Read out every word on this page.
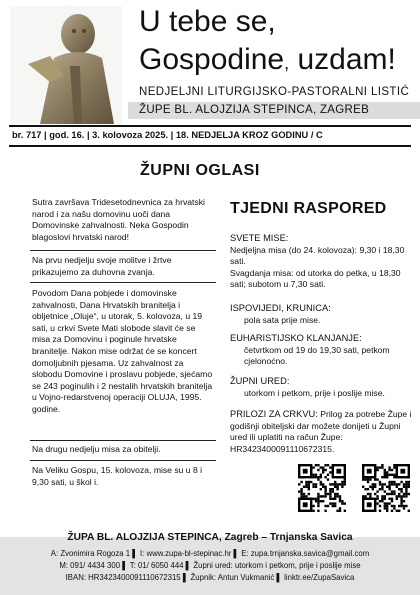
U tebe se,
Gospodine, uzdam!
NEDJELJNI LITURGIJSKO-PASTORALNI LISTIĆ
ŽUPE BL. ALOJZIJA STEPINCA, ZAGREB
br. 717 | god. 16. | 3. kolovoza 2025. | 18. NEDJELJA KROZ GODINU / C
ŽUPNI OGLASI
Sutra završava Tridesetodnevnica za hrvatski narod i za našu domovinu uoči dana Domovinske zahvalnosti. Neka Gospodin blagoslovi hrvatski narod!
Na prvu nedjelju svoje molitve i žrtve prikazujemo za duhovna zvanja.
Povodom Dana pobjede i domovinske zahvalnosti, Dana Hrvatskih branitelja i obljetnice „Oluje“, u utorak, 5. kolovoza, u 19 sati, u crkvi Svete Mati slobode slavit će se misa za Domovinu i poginule hrvatske branitelje. Nakon mise održat će se koncert domoljubnih pjesama. Uz zahvalnost za slobodu Domovine i proslavu pobjede, sjećamo se 243 poginulih i 2 nestalih hrvatskih branitelja u Vojno-redarstvenoj operaciji OLUJA, 1995. godine.
Na drugu nedjelju misa za obitelji.
Na Veliku Gospu, 15. kolovoza, mise su u 8 i 9,30 sati, u škol i.
TJEDNI RASPORED
SVETE MISE:
Nedjeljna misa (do 24. kolovoza): 9,30 i 18,30 sati.
Svagdanja misa: od utorka do petka, u 18,30 sati; subotom u 7,30 sati.
ISPOVIJEDI, KRUNICA:
pola sata prije mise.
EUHARISTIJSKO KLANJANJE:
četvrtkom od 19 do 19,30 sati, petkom cjelonoćno.
ŽUPNI URED:
utorkom i petkom, prije i poslije mise.
PRILOZI ZA CRKVU: Prilog za potrebe Župe i godišnji obiteljski dar možete donijeti u Župni ured ili uplatiti na račun Župe: HR3423400091110672315.
ŽUPA BL. ALOJZIJA STEPINCA, Zagreb – Trnjanska Savica
A: Zvonimira Rogoza 1 ▌ I: www.zupa-bl-stepinac.hr ▌ E: zupa.trnjanska.savica@gmail.com
M: 091/ 4434 300 ▌ T: 01/ 6050 444 ▌ Župni ured: utorkom i petkom, prije i poslije mise
IBAN: HR3423400091110672315 ▌ Župnik: Antun Vukmanić ▌ linktr.ee/ZupaSavica
